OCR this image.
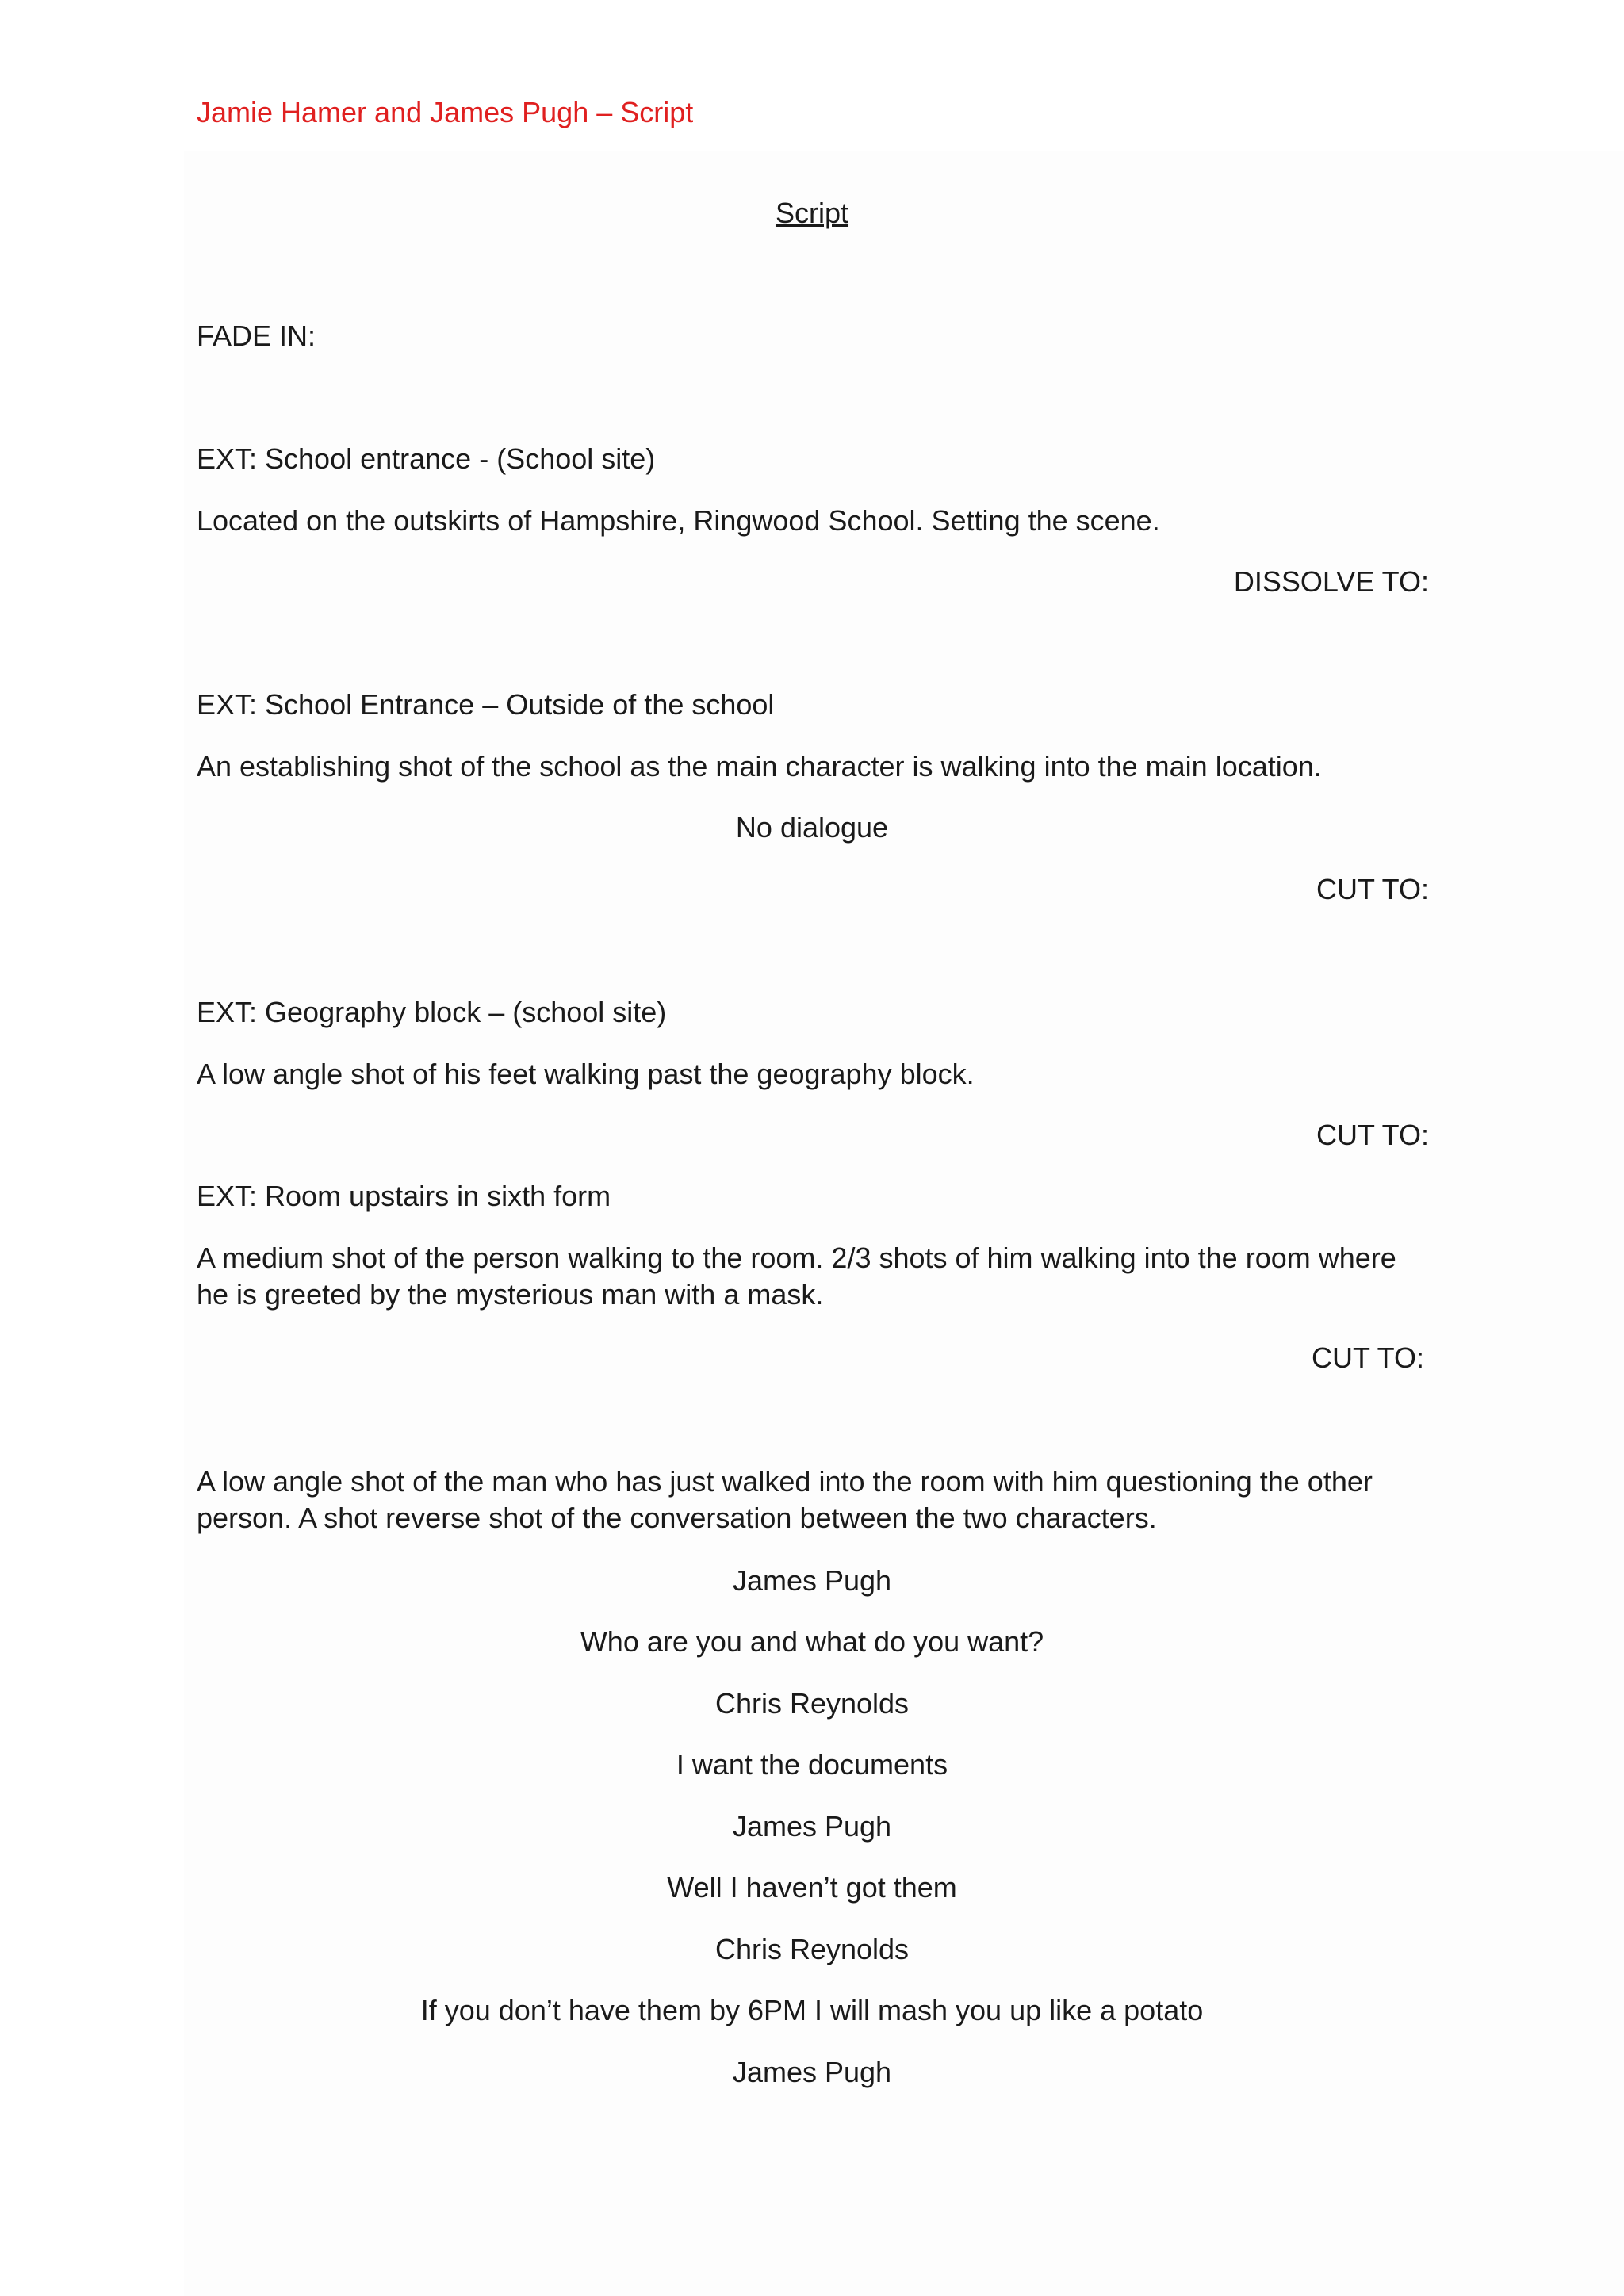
Jamie Hamer and James Pugh – Script

Script

FADE IN:

EXT: School entrance - (School site)

Located on the outskirts of Hampshire, Ringwood School. Setting the scene.

DISSOLVE TO:

EXT: School Entrance – Outside of the school

An establishing shot of the school as the main character is walking into the main location.

No dialogue

CUT TO:

EXT: Geography block – (school site)

A low angle shot of his feet walking past the geography block.

CUT TO:

EXT: Room upstairs in sixth form

A medium shot of the person walking to the room. 2/3 shots of him walking into the room where he is greeted by the mysterious man with a mask.

CUT TO:

A low angle shot of the man who has just walked into the room with him questioning the other person. A shot reverse shot of the conversation between the two characters.

James Pugh

Who are you and what do you want?

Chris Reynolds

I want the documents

James Pugh

Well I haven’t got them

Chris Reynolds

If you don’t have them by 6PM I will mash you up like a potato

James Pugh
